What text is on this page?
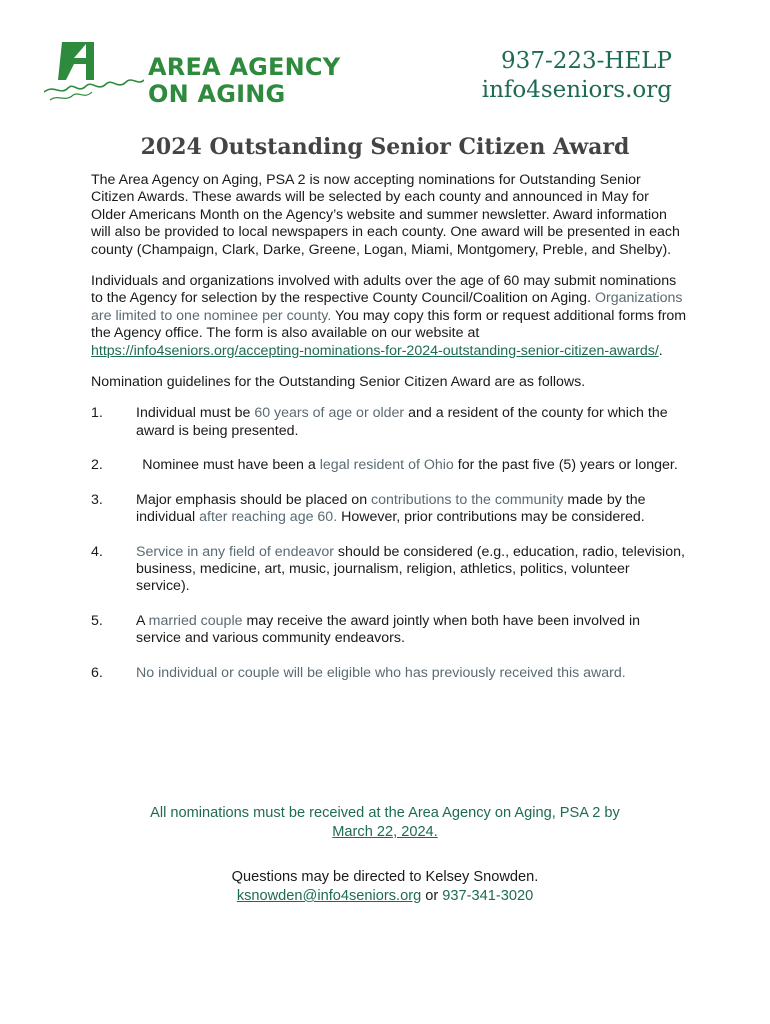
AREA AGENCY
ON AGING
937-223-HELP
info4seniors.org
2024 Outstanding Senior Citizen Award

The Area Agency on Aging, PSA 2 is now accepting nominations for Outstanding Senior Citizen Awards. These awards will be selected by each county and announced in May for Older Americans Month on the Agency’s website and summer newsletter. Award information will also be provided to local newspapers in each county. One award will be presented in each county (Champaign, Clark, Darke, Greene, Logan, Miami, Montgomery, Preble, and Shelby).

Individuals and organizations involved with adults over the age of 60 may submit nominations to the Agency for selection by the respective County Council/Coalition on Aging. Organizations are limited to one nominee per county. You may copy this form or request additional forms from the Agency office. The form is also available on our website at https://info4seniors.org/accepting-nominations-for-2024-outstanding-senior-citizen-awards/.

Nomination guidelines for the Outstanding Senior Citizen Award are as follows.

1.	Individual must be 60 years of age or older and a resident of the county for which the award is being presented.
2.	Nominee must have been a legal resident of Ohio for the past five (5) years or longer.
3.	Major emphasis should be placed on contributions to the community made by the individual after reaching age 60. However, prior contributions may be considered.
4.	Service in any field of endeavor should be considered (e.g., education, radio, television, business, medicine, art, music, journalism, religion, athletics, politics, volunteer service).
5.	A married couple may receive the award jointly when both have been involved in service and various community endeavors.
6.	No individual or couple will be eligible who has previously received this award.
All nominations must be received at the Area Agency on Aging, PSA 2 by
March 22, 2024.
Questions may be directed to Kelsey Snowden.
ksnowden@info4seniors.org or 937-341-3020
